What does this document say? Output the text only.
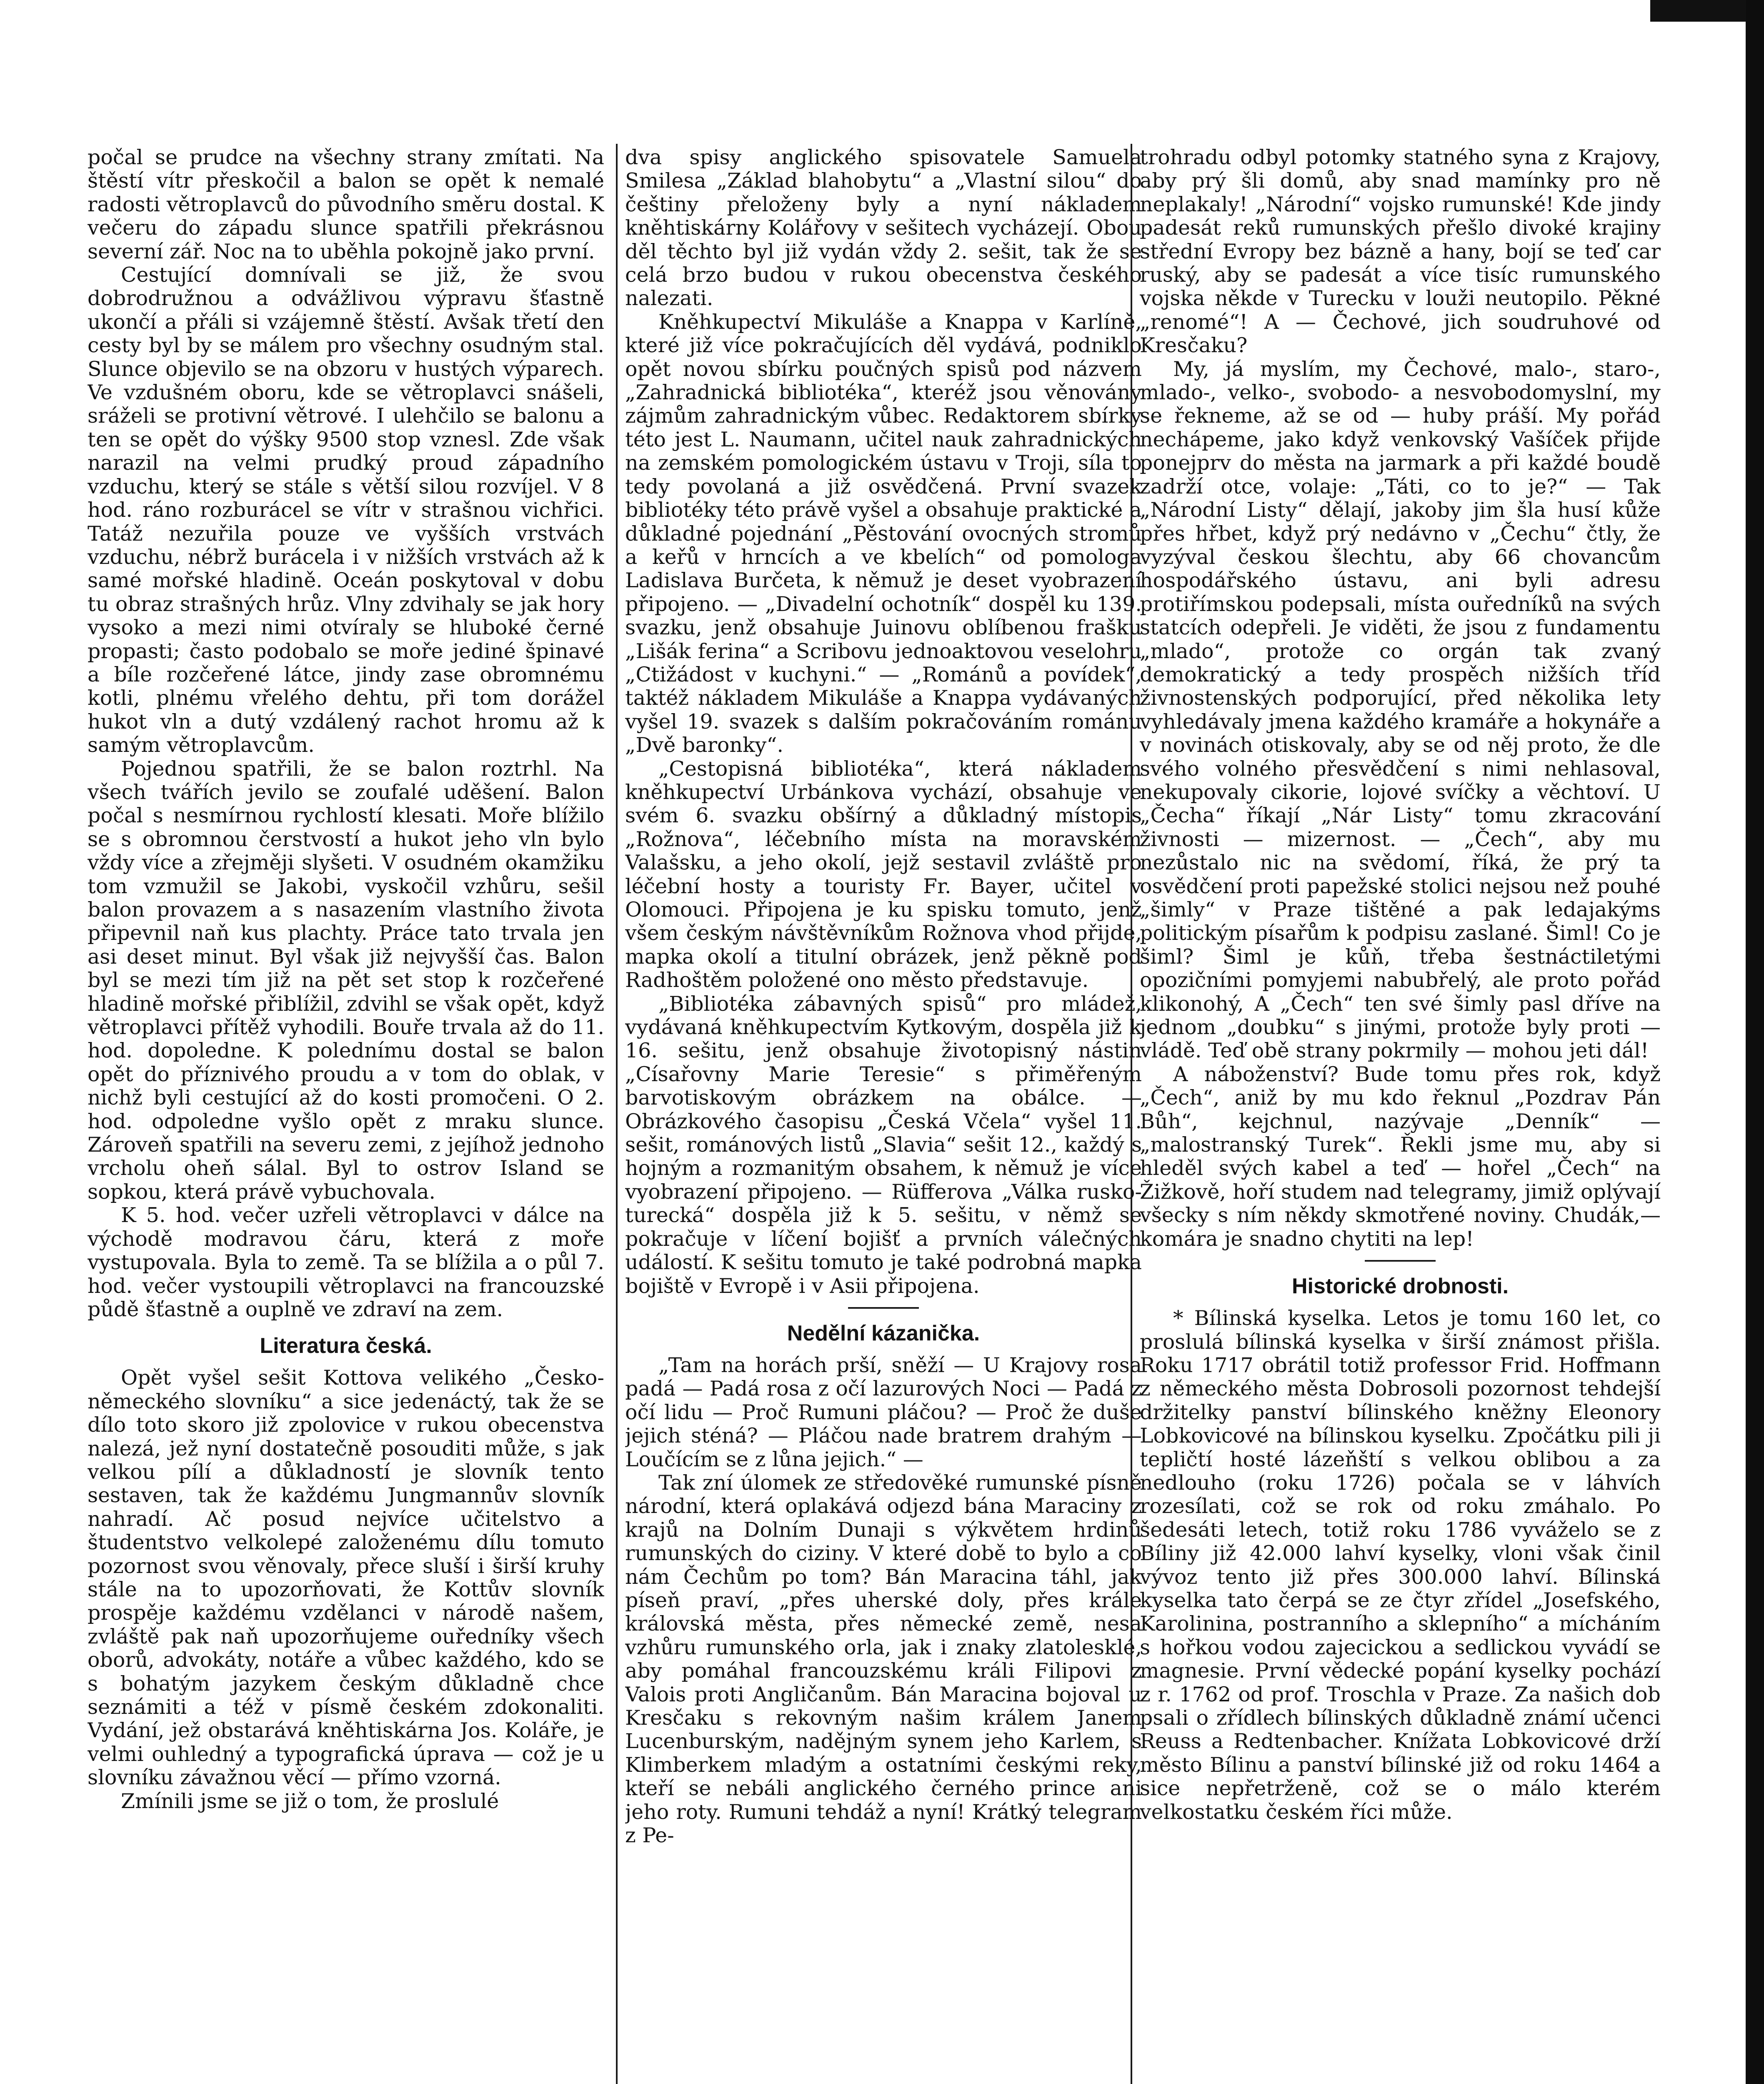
počal se prudce na všechny strany zmítati. Na štěstí vítr přeskočil a balon se opět k nemalé radosti větroplavců do původního směru dostal. K večeru do západu slunce spatřili překrásnou severní zář. Noc na to uběhla pokojně jako první.

Cestující domnívali se již, že svou dobrodružnou a odvážlivou výpravu šťastně ukončí a přáli si vzájemně štěstí. Avšak třetí den cesty byl by se málem pro všechny osudným stal. Slunce objevilo se na obzoru v hustých výparech. Ve vzdušném oboru, kde se větroplavci snášeli, sráželi se protivní větrové. I ulehčilo se balonu a ten se opět do výšky 9500 stop vznesl. Zde však narazil na velmi prudký proud západního vzduchu, který se stále s větší silou rozvíjel. V 8 hod. ráno rozburácel se vítr v strašnou vichřici. Tatáž nezuřila pouze ve vyšších vrstvách vzduchu, nébrž burácela i v nižších vrstvách až k samé mořské hladině. Oceán poskytoval v dobu tu obraz strašných hrůz. Vlny zdvihaly se jak hory vysoko a mezi nimi otvíraly se hluboké černé propasti; často podobalo se moře jediné špinavé a bíle rozčeřené látce, jindy zase obromnému kotli, plnému vřelého dehtu, při tom dorážel hukot vln a dutý vzdálený rachot hromu až k samým větroplavcům.

Pojednou spatřili, že se balon roztrhl. Na všech tvářích jevilo se zoufalé uděšení. Balon počal s nesmírnou rychlostí klesati. Moře blížilo se s obromnou čerstvostí a hukot jeho vln bylo vždy více a zřejměji slyšeti. V osudném okamžiku tom vzmužil se Jakobi, vyskočil vzhůru, sešil balon provazem a s nasazením vlastního života připevnil naň kus plachty. Práce tato trvala jen asi deset minut. Byl však již nejvyšší čas. Balon byl se mezi tím již na pět set stop k rozčeřené hladině mořské přiblížil, zdvihl se však opět, když větroplavci přítěž vyhodili. Bouře trvala až do 11. hod. dopoledne. K polednímu dostal se balon opět do příznivého proudu a v tom do oblak, v nichž byli cestující až do kosti promočeni. O 2. hod. odpoledne vyšlo opět z mraku slunce. Zároveň spatřili na severu zemi, z jejíhož jednoho vrcholu oheň sálal. Byl to ostrov Island se sopkou, která právě vybuchovala.

K 5. hod. večer uzřeli větroplavci v dálce na východě modravou čáru, která z moře vystupovala. Byla to země. Ta se blížila a o půl 7. hod. večer vystoupili větroplavci na francouzské půdě šťastně a ouplně ve zdraví na zem.

Literatura česká.

Opět vyšel sešit Kottova velikého „Česko-německého slovníku“ a sice jedenáctý, tak že se dílo toto skoro již zpolovice v rukou obecenstva nalezá, jež nyní dostatečně posouditi může, s jak velkou pílí a důkladností je slovník tento sestaven, tak že každému Jungmannův slovník nahradí. Ač posud nejvíce učitelstvo a študentstvo velkolepé založenému dílu tomuto pozornost svou věnovaly, přece sluší i širší kruhy stále na to upozorňovati, že Kottův slovník prospěje každému vzdělanci v národě našem, zvláště pak naň upozorňujeme ouředníky všech oborů, advokáty, notáře a vůbec každého, kdo se s bohatým jazykem českým důkladně chce seznámiti a též v písmě českém zdokonaliti. Vydání, jež obstarává kněhtiskárna Jos. Koláře, je velmi ouhledný a typografická úprava — což je u slovníku závažnou věcí — přímo vzorná.

Zmínili jsme se již o tom, že proslulé

dva spisy anglického spisovatele Samuela Smilesa „Základ blahobytu“ a „Vlastní silou“ do češtiny přeloženy byly a nyní nákladem kněhtiskárny Kolářovy v sešitech vycházejí. Obou děl těchto byl již vydán vždy 2. sešit, tak že se celá brzo budou v rukou obecenstva českého nalezati.

Kněhkupectví Mikuláše a Knappa v Karlíně, které již více pokračujících děl vydává, podniklo opět novou sbírku poučných spisů pod názvem „Zahradnická bibliotéka“, kteréž jsou věnovány zájmům zahradnickým vůbec. Redaktorem sbírky této jest L. Naumann, učitel nauk zahradnických na zemském pomologickém ústavu v Troji, síla to tedy povolaná a již osvědčená. První svazek bibliotéky této právě vyšel a obsahuje praktické a důkladné pojednání „Pěstování ovocných stromů a keřů v hrncích a ve kbelích“ od pomologa Ladislava Burčeta, k němuž je deset vyobrazení připojeno. — „Divadelní ochotník“ dospěl ku 139. svazku, jenž obsahuje Juinovu oblíbenou frašku „Lišák ferina“ a Scribovu jednoaktovou veselohru „Ctižádost v kuchyni.“ — „Románů a povídek“, taktéž nákladem Mikuláše a Knappa vydávaných vyšel 19. svazek s dalším pokračováním románu „Dvě baronky“.

„Cestopisná bibliotéka“, která nákladem kněhkupectví Urbánkova vychází, obsahuje ve svém 6. svazku obšírný a důkladný místopis „Rožnova“, léčebního místa na moravském Valašsku, a jeho okolí, jejž sestavil zvláště pro léčební hosty a touristy Fr. Bayer, učitel v Olomouci. Připojena je ku spisku tomuto, jenž všem českým návštěvníkům Rožnova vhod přijde, mapka okolí a titulní obrázek, jenž pěkně pod Radhoštěm položené ono město představuje.

„Bibliotéka zábavných spisů“ pro mládež, vydávaná kněhkupectvím Kytkovým, dospěla již k 16. sešitu, jenž obsahuje životopisný nástin „Císařovny Marie Teresie“ s přiměřeným barvotiskovým obrázkem na obálce. — Obrázkového časopisu „Česká Včela“ vyšel 11. sešit, románových listů „Slavia“ sešit 12., každý s hojným a rozmanitým obsahem, k němuž je více vyobrazení připojeno. — Rüfferova „Válka rusko-turecká“ dospěla již k 5. sešitu, v němž se pokračuje v líčení bojišť a prvních válečných událostí. K sešitu tomuto je také podrobná mapka bojiště v Evropě i v Asii připojena.

Nedělní kázanička.

„Tam na horách prší, sněží — U Krajovy rosa padá — Padá rosa z očí lazurových Noci — Padá z očí lidu — Proč Rumuni pláčou? — Proč že duše jejich sténá? — Pláčou nade bratrem drahým — Loučícím se z lůna jejich.“ —

Tak zní úlomek ze středověké rumunské písně národní, která oplakává odjezd bána Maraciny z krajů na Dolním Dunaji s výkvětem hrdinů rumunských do ciziny. V které době to bylo a co nám Čechům po tom? Bán Maracina táhl, jak píseň praví, „přes uherské doly, přes krále královská města, přes německé země, nesa vzhůru rumunského orla, jak i znaky zlatolesklé, aby pomáhal francouzskému králi Filipovi z Valois proti Angličanům. Bán Maracina bojoval u Kresčaku s rekovným našim králem Janem Lucenburským, nadějným synem jeho Karlem, s Klimberkem mladým a ostatními českými reky, kteří se nebáli anglického černého prince ani jeho roty. Rumuni tehdáž a nyní! Krátký telegram z Pe-

trohradu odbyl potomky statného syna z Krajovy, aby prý šli domů, aby snad mamínky pro ně neplakaly! „Národní“ vojsko rumunské! Kde jindy padesát reků rumunských přešlo divoké krajiny střední Evropy bez bázně a hany, bojí se teď car ruský, aby se padesát a více tisíc rumunského vojska někde v Turecku v louži neutopilo. Pěkné „renomé“! A — Čechové, jich soudruhové od Kresčaku?

My, já myslím, my Čechové, malo-, staro-, mlado-, velko-, svobodo- a nesvobodomyslní, my se řekneme, až se od — huby práší. My pořád nechápeme, jako když venkovský Vašíček přijde ponejprv do města na jarmark a při každé boudě zadrží otce, volaje: „Táti, co to je?“ — Tak „Národní Listy“ dělají, jakoby jim šla husí kůže přes hřbet, když prý nedávno v „Čechu“ čtly, že vyzýval českou šlechtu, aby 66 chovancům hospodářského ústavu, ani byli adresu protiřímskou podepsali, místa ouředníků na svých statcích odepřeli. Je viděti, že jsou z fundamentu „mlado“, protože co orgán tak zvaný demokratický a tedy prospěch nižších tříd živnostenských podporující, před několika lety vyhledávaly jmena každého kramáře a hokynáře a v novinách otiskovaly, aby se od něj proto, že dle svého volného přesvědčení s nimi nehlasoval, nekupovaly cikorie, lojové svíčky a věchtoví. U „Čecha“ říkají „Nár Listy“ tomu zkracování živnosti — mizernost. — „Čech“, aby mu nezůstalo nic na svědomí, říká, že prý ta osvědčení proti papežské stolici nejsou než pouhé „šimly“ v Praze tištěné a pak ledajakýms politickým písařům k podpisu zaslané. Šiml! Co je šiml? Šiml je kůň, třeba šestnáctiletými opozičními pomyjemi nabubřelý, ale proto pořád klikonohý, A „Čech“ ten své šimly pasl dříve na jednom „doubku“ s jinými, protože byly proti — vládě. Teď obě strany pokrmily — mohou jeti dál!

A náboženství? Bude tomu přes rok, když „Čech“, aniž by mu kdo řeknul „Pozdrav Pán Bůh“, kejchnul, nazývaje „Denník“ — „malostranský Turek“. Řekli jsme mu, aby si hleděl svých kabel a teď — hořel „Čech“ na Žižkově, hoří studem nad telegramy, jimiž oplývají všecky s ním někdy skmotřené noviny. Chudák,— komára je snadno chytiti na lep!

Historické drobnosti.

* Bílinská kyselka. Letos je tomu 160 let, co proslulá bílinská kyselka v širší známost přišla. Roku 1717 obrátil totiž professor Frid. Hoffmann z německého města Dobrosoli pozornost tehdejší držitelky panství bílinského kněžny Eleonory Lobkovicové na bílinskou kyselku. Zpočátku pili ji tepličtí hosté lázeňští s velkou oblibou a za nedlouho (roku 1726) počala se v láhvích rozesílati, což se rok od roku zmáhalo. Po šedesáti letech, totiž roku 1786 vyváželo se z Bíliny již 42.000 lahví kyselky, vloni však činil vývoz tento již přes 300.000 lahví. Bílinská kyselka tato čerpá se ze čtyr zřídel „Josefského, Karolinina, postranního a sklepního“ a mícháním s hořkou vodou zajecickou a sedlickou vyvádí se magnesie. První vědecké popání kyselky pochází z r. 1762 od prof. Troschla v Praze. Za našich dob psali o zřídlech bílinských důkladně známí učenci Reuss a Redtenbacher. Knížata Lobkovicové drží město Bílinu a panství bílinské již od roku 1464 a sice nepřetrženě, což se o málo kterém velkostatku českém říci může.
